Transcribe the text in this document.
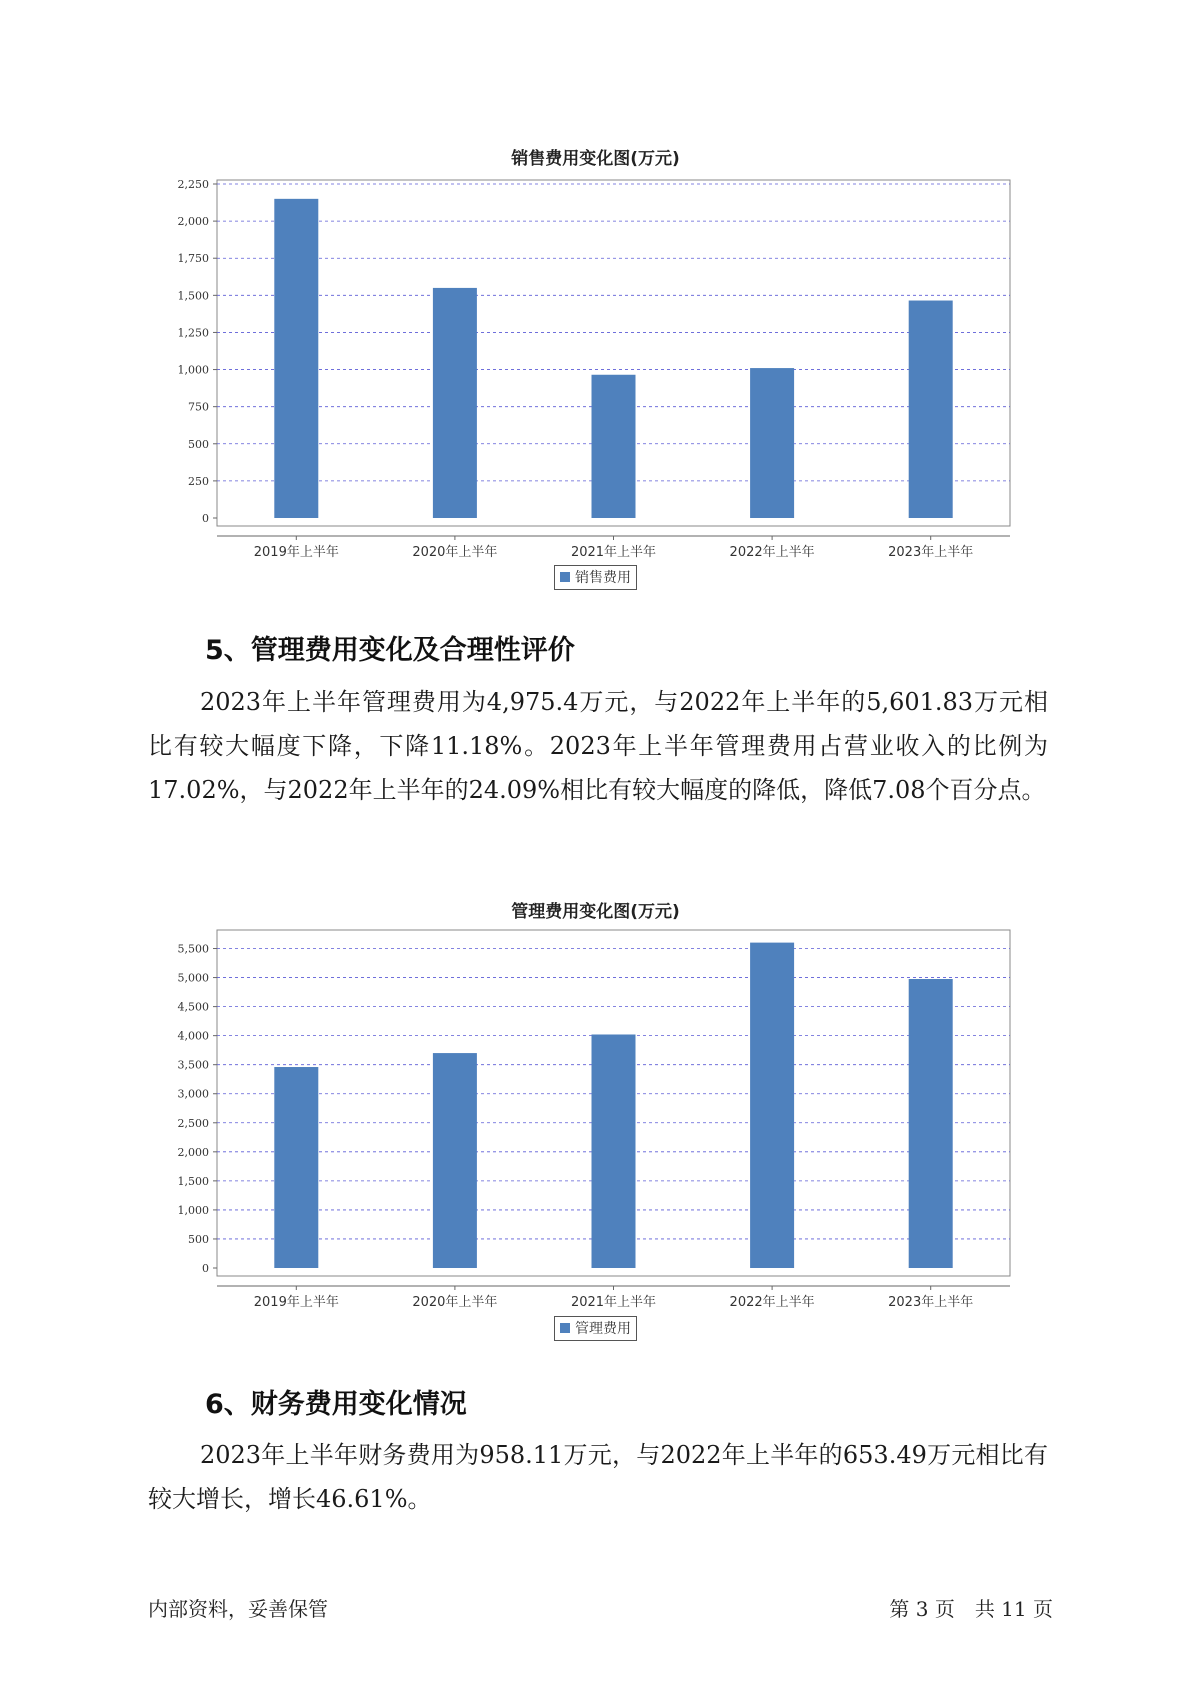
销售费用变化图(万元)
0
250
500
750
1,000
1,250
1,500
1,750
2,000
2,250
2019年上半年	2020年上半年	2021年上半年	2022年上半年	2023年上半年
销售费用
5、管理费用变化及合理性评价

2023年上半年管理费用为4,975.4万元，与2022年上半年的5,601.83万元相比有较大幅度下降，下降11.18%。2023年上半年管理费用占营业收入的比例为17.02%，与2022年上半年的24.09%相比有较大幅度的降低，降低7.08个百分点。

管理费用变化图(万元)
0
500
1,000
1,500
2,000
2,500
3,000
3,500
4,000
4,500
5,000
5,500
2019年上半年	2020年上半年	2021年上半年	2022年上半年	2023年上半年
管理费用
6、财务费用变化情况

2023年上半年财务费用为958.11万元，与2022年上半年的653.49万元相比有较大增长，增长46.61%。

内部资料，妥善保管	第 3 页　共 11 页
